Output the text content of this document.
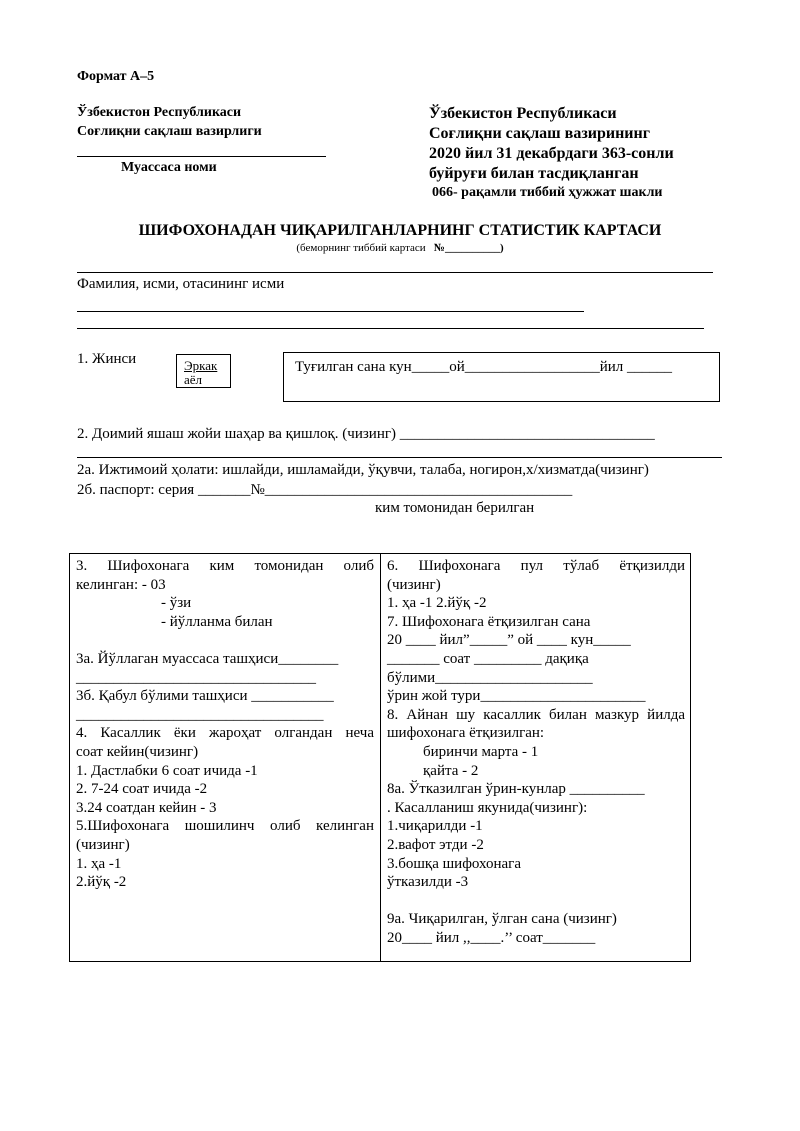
Формат А–5
Ўзбекистон Республикаси
Соғлиқни сақлаш вазирлиги
Муассаса номи
Ўзбекистон Республикаси
Соғлиқни сақлаш вазирининг
2020 йил 31 декабрдаги 363-сонли
буйруғи билан тасдиқланган
066- рақамли тиббий ҳужжат шакли
ШИФОХОНАДАН ЧИҚАРИЛГАНЛАРНИНГ СТАТИСТИК КАРТАСИ
(беморнинг тиббий картаси №__________)
Фамилия, исми, отасининг исми
1. Жинси	Эркак
аёл
Туғилган сана кун_____ой__________________йил ______
2. Доимий яшаш жойи шаҳар ва қишлоқ. (чизинг) __________________________________
2а. Ижтимоий ҳолати: ишлайди, ишламайди, ўқувчи, талаба, ногирон,х/хизматда(чизинг)
2б. паспорт: серия _______№_________________________________________
ким томонидан берилган
3. Шифохонага ким томонидан олиб
келинган: - 03
- ўзи
- йўлланма билан
3а. Йўллаган муассаса ташҳиси________
________________________________
3б. Қабул бўлими ташҳиси ___________
_________________________________
4. Касаллик ёки жароҳат олгандан неча
соат кейин(чизинг)
1. Дастлабки 6 соат ичида -1
2. 7-24 соат ичида -2
3.24 соатдан кейин - 3
5.Шифохонага шошилинч олиб келинган
(чизинг)
1. ҳа -1
2.йўқ -2
6. Шифохонага пул тўлаб ётқизилди
(чизинг)
1. ҳа -1 2.йўқ -2
7. Шифохонага ётқизилган сана
20 ____ йил”_____” ой ____ кун_____
_______ соат _________ дақиқа
бўлими_____________________
ўрин жой тури______________________
8. Айнан шу касаллик билан мазкур йилда
шифохонага ётқизилган:
биринчи марта - 1
қайта - 2
8а. Ўтказилган ўрин-кунлар __________
. Касалланиш якунида(чизинг):
1.чиқарилди -1
2.вафот этди -2
3.бошқа шифохонага
ўтказилди -3
9а. Чиқарилган, ўлган сана (чизинг)
20____ йил ,,____.’’ соат_______
